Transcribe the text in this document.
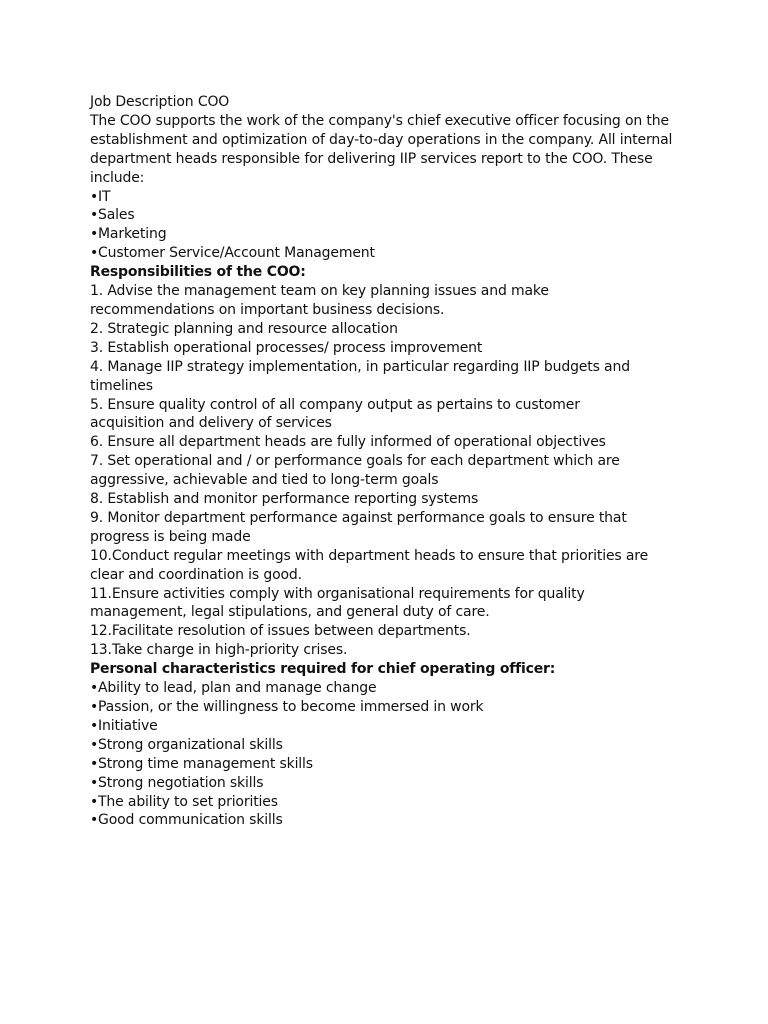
Job Description COO
The COO supports the work of the company's chief executive officer focusing on the
establishment and optimization of day-to-day operations in the company. All internal
department heads responsible for delivering IIP services report to the COO. These
include:
•IT
•Sales
•Marketing
•Customer Service/Account Management
Responsibilities of the COO:
1. Advise the management team on key planning issues and make
recommendations on important business decisions.
2. Strategic planning and resource allocation
3. Establish operational processes/ process improvement
4. Manage IIP strategy implementation, in particular regarding IIP budgets and
timelines
5. Ensure quality control of all company output as pertains to customer
acquisition and delivery of services
6. Ensure all department heads are fully informed of operational objectives
7. Set operational and / or performance goals for each department which are
aggressive, achievable and tied to long-term goals
8. Establish and monitor performance reporting systems
9. Monitor department performance against performance goals to ensure that
progress is being made
10.Conduct regular meetings with department heads to ensure that priorities are
clear and coordination is good.
11.Ensure activities comply with organisational requirements for quality
management, legal stipulations, and general duty of care.
12.Facilitate resolution of issues between departments.
13.Take charge in high-priority crises.
Personal characteristics required for chief operating officer:
•Ability to lead, plan and manage change
•Passion, or the willingness to become immersed in work
•Initiative
•Strong organizational skills
•Strong time management skills
•Strong negotiation skills
•The ability to set priorities
•Good communication skills
